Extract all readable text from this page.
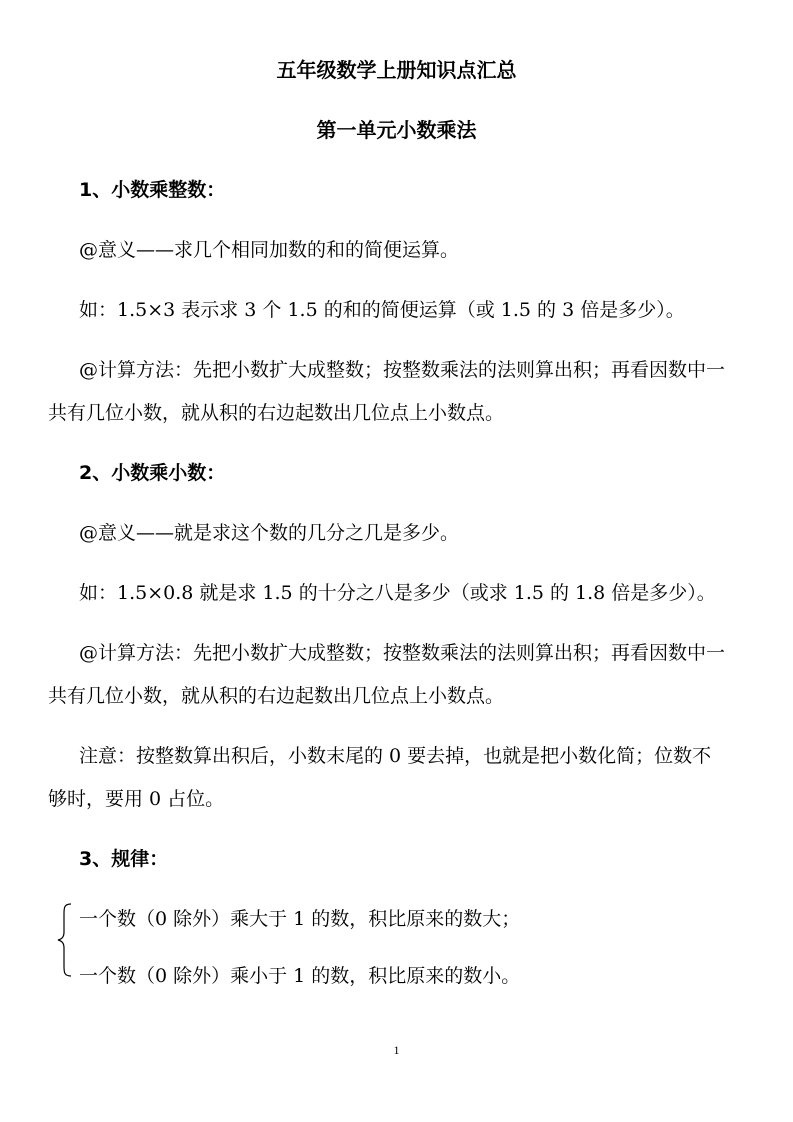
五年级数学上册知识点汇总
第一单元小数乘法
1、小数乘整数：
@意义——求几个相同加数的和的简便运算。
如：1.5×3 表示求 3 个 1.5 的和的简便运算（或 1.5 的 3 倍是多少）。
@计算方法：先把小数扩大成整数；按整数乘法的法则算出积；再看因数中一
共有几位小数，就从积的右边起数出几位点上小数点。
2、小数乘小数：
@意义——就是求这个数的几分之几是多少。
如：1.5×0.8 就是求 1.5 的十分之八是多少（或求 1.5 的 1.8 倍是多少）。
@计算方法：先把小数扩大成整数；按整数乘法的法则算出积；再看因数中一
共有几位小数，就从积的右边起数出几位点上小数点。
注意：按整数算出积后，小数末尾的 0 要去掉，也就是把小数化简；位数不
够时，要用 0 占位。
3、规律：
一个数（0 除外）乘大于 1 的数，积比原来的数大；
一个数（0 除外）乘小于 1 的数，积比原来的数小。
1
